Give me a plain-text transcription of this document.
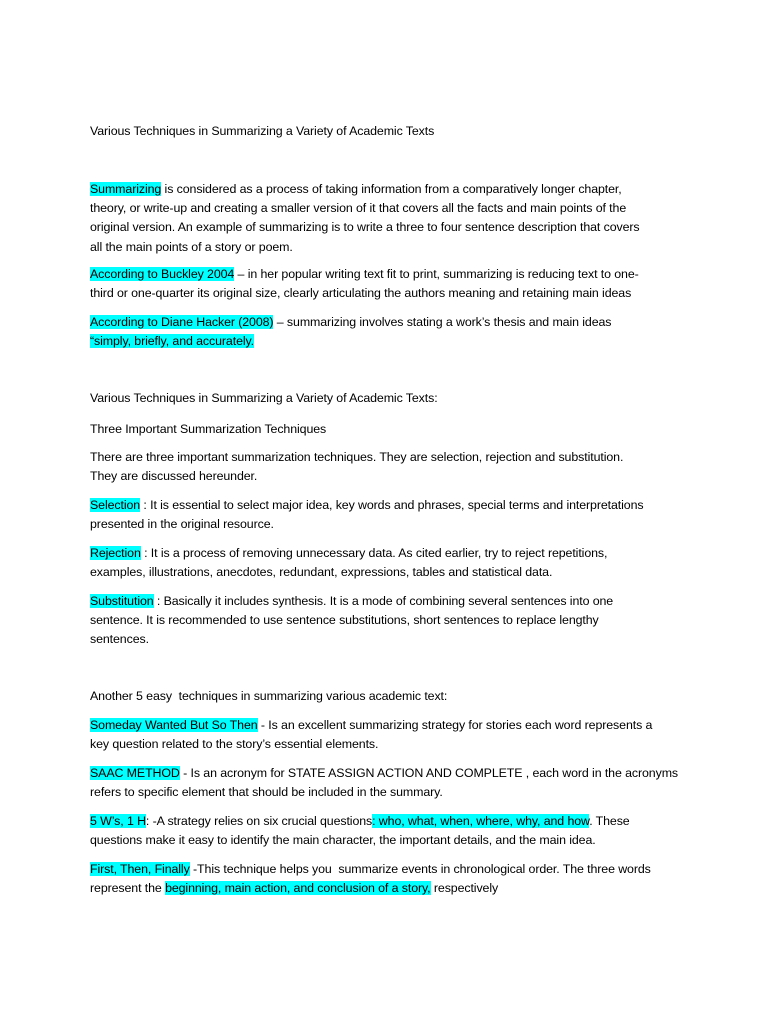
Various Techniques in Summarizing a Variety of Academic Texts

Summarizing is considered as a process of taking information from a comparatively longer chapter,
theory, or write-up and creating a smaller version of it that covers all the facts and main points of the
original version. An example of summarizing is to write a three to four sentence description that covers
all the main points of a story or poem.

According to Buckley 2004 – in her popular writing text fit to print, summarizing is reducing text to one-
third or one-quarter its original size, clearly articulating the authors meaning and retaining main ideas

According to Diane Hacker (2008) – summarizing involves stating a work’s thesis and main ideas
“simply, briefly, and accurately.

Various Techniques in Summarizing a Variety of Academic Texts:

Three Important Summarization Techniques

There are three important summarization techniques. They are selection, rejection and substitution.
They are discussed hereunder.

Selection : It is essential to select major idea, key words and phrases, special terms and interpretations
presented in the original resource.

Rejection : It is a process of removing unnecessary data. As cited earlier, try to reject repetitions,
examples, illustrations, anecdotes, redundant, expressions, tables and statistical data.

Substitution : Basically it includes synthesis. It is a mode of combining several sentences into one
sentence. It is recommended to use sentence substitutions, short sentences to replace lengthy
sentences.

Another 5 easy  techniques in summarizing various academic text:

Someday Wanted But So Then - Is an excellent summarizing strategy for stories each word represents a
key question related to the story’s essential elements.

SAAC METHOD - Is an acronym for STATE ASSIGN ACTION AND COMPLETE , each word in the acronyms
refers to specific element that should be included in the summary.

5 W’s, 1 H: -A strategy relies on six crucial questions: who, what, when, where, why, and how. These
questions make it easy to identify the main character, the important details, and the main idea.

First, Then, Finally -This technique helps you  summarize events in chronological order. The three words
represent the beginning, main action, and conclusion of a story, respectively
